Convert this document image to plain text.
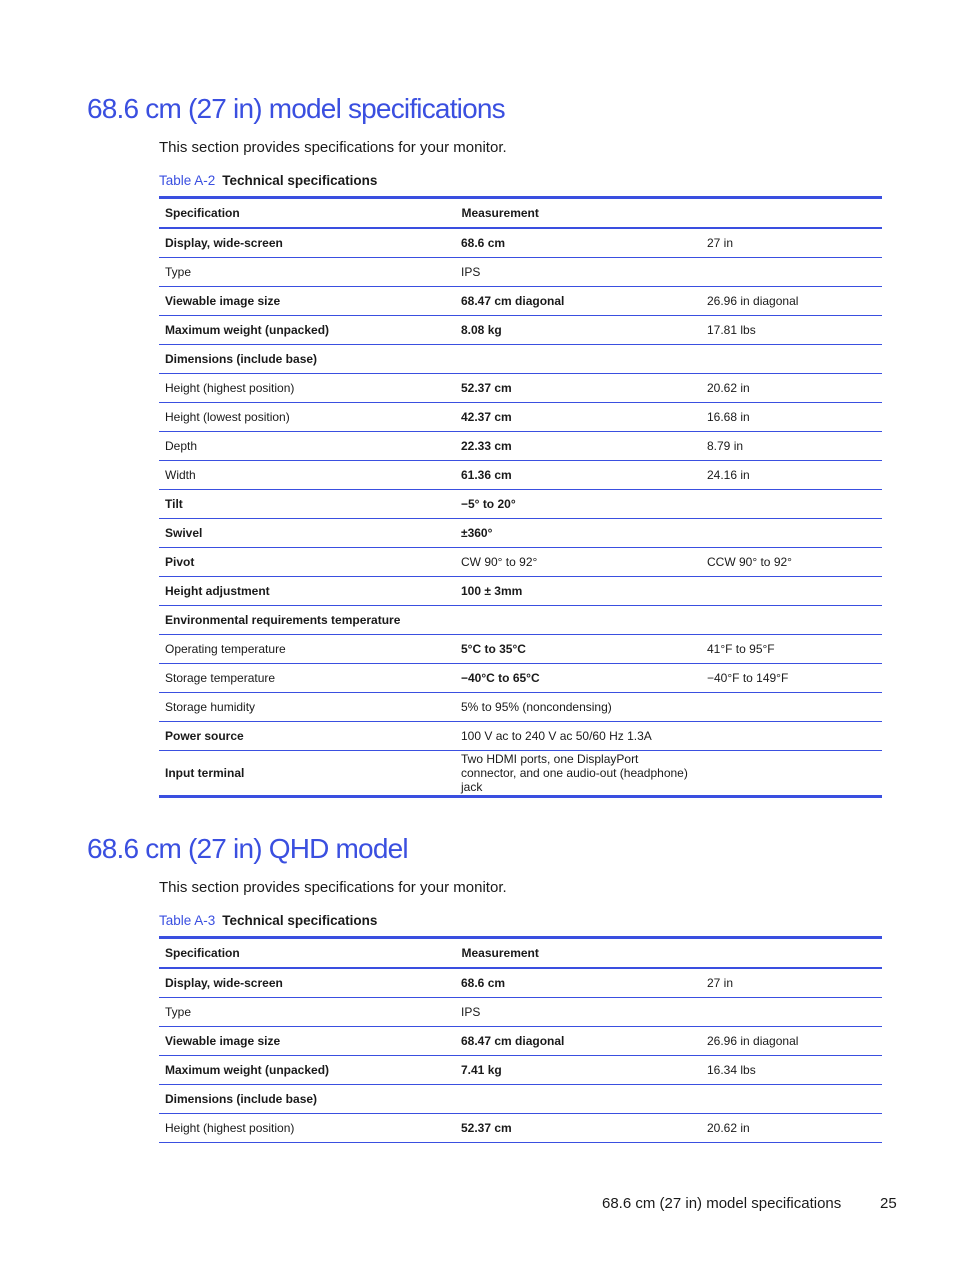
68.6 cm (27 in) model specifications

This section provides specifications for your monitor.

Table A-2 Technical specifications

Specification	Measurement	
Display, wide-screen	68.6 cm	27 in
Type	IPS	
Viewable image size	68.47 cm diagonal	26.96 in diagonal
Maximum weight (unpacked)	8.08 kg	17.81 lbs
Dimensions (include base)		
Height (highest position)	52.37 cm	20.62 in
Height (lowest position)	42.37 cm	16.68 in
Depth	22.33 cm	8.79 in
Width	61.36 cm	24.16 in
Tilt	−5° to 20°	
Swivel	±360°	
Pivot	CW 90° to 92°	CCW 90° to 92°
Height adjustment	100 ± 3mm	
Environmental requirements temperature		
Operating temperature	5°C to 35°C	41°F to 95°F
Storage temperature	−40°C to 65°C	−40°F to 149°F
Storage humidity	5% to 95% (noncondensing)	
Power source	100 V ac to 240 V ac 50/60 Hz 1.3A	
Input terminal	Two HDMI ports, one DisplayPort connector, and one audio-out (headphone) jack	
68.6 cm (27 in) QHD model

This section provides specifications for your monitor.

Table A-3 Technical specifications

Specification	Measurement	
Display, wide-screen	68.6 cm	27 in
Type	IPS	
Viewable image size	68.47 cm diagonal	26.96 in diagonal
Maximum weight (unpacked)	7.41 kg	16.34 lbs
Dimensions (include base)		
Height (highest position)	52.37 cm	20.62 in

68.6 cm (27 in) model specifications	25
